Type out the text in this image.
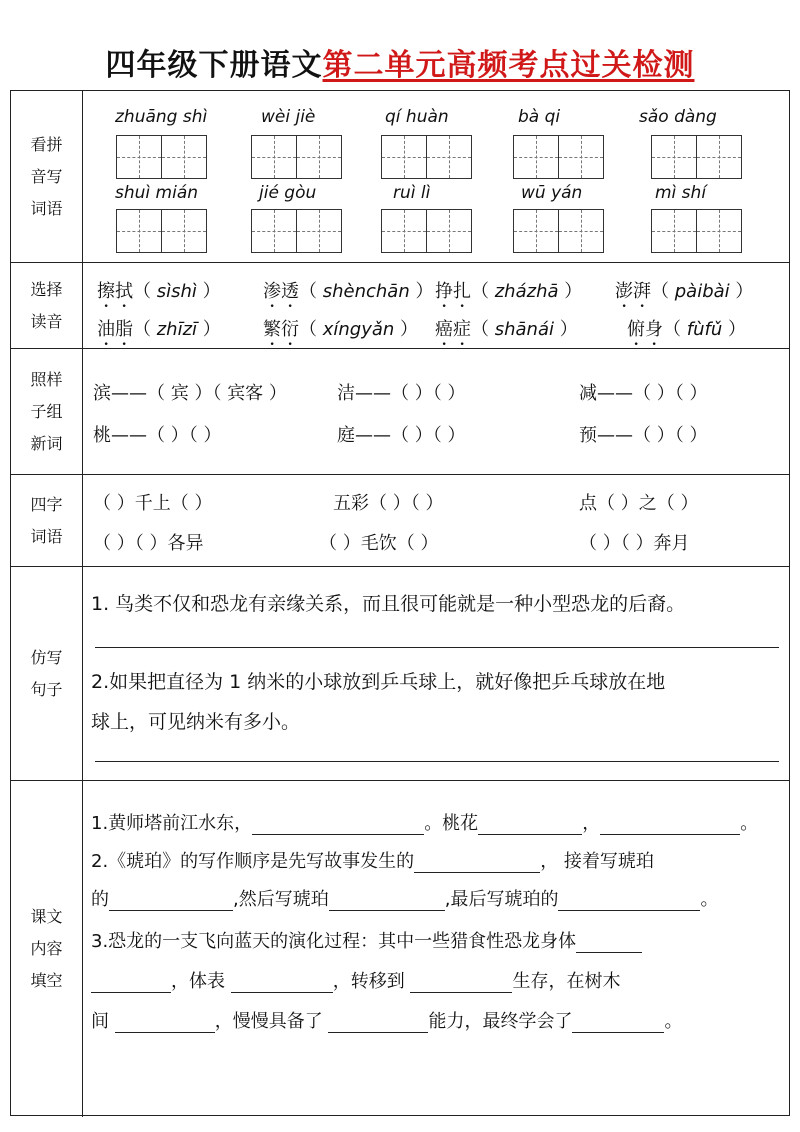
四年级下册语文第二单元高频考点过关检测
看拼
音写
词语
zhuāng shì	wèi jiè	qí huàn	bà qi	sǎo dàng
shuì mián	jié gòu	ruì lì	wū yán	mì shí
选择
读音
擦拭（ sìshì ） 渗透（ shènchān ） 挣扎（ zházhā ） 澎湃（ pàibài ）
油脂（ zhīzī ） 繁衍（ xíngyǎn ） 癌症（ shānái ）	俯身（ fùfǔ ）
照样
子组
新词
滨——（ 宾 ）（ 宾客 ）	洁——（ ）（ ）	减——（ ）（ ）
桃——（ ）（ ）	庭——（ ）（ ）	预——（ ）（ ）
四字
词语
（ ）千上（ ）	五彩（ ）（ ）	点（ ）之（ ）
（ ）（ ）各异	（ ）毛饮（ ）	（ ）（ ）奔月
仿写
句子
1. 鸟类不仅和恐龙有亲缘关系，而且很可能就是一种小型恐龙的后裔。
2.如果把直径为 1 纳米的小球放到乒乓球上，就好像把乒乓球放在地
球上，可见纳米有多小。
课文
内容
填空
1.黄师塔前江水东，	。桃花	，	。
2.《琥珀》的写作顺序是先写故事发生的	， 接着写琥珀
的	,然后写琥珀	,最后写琥珀的	。
3.恐龙的一支飞向蓝天的演化过程：其中一些猎食性恐龙身体
，体表	，转移到	生存，在树木
间	，慢慢具备了	能力，最终学会了	。
